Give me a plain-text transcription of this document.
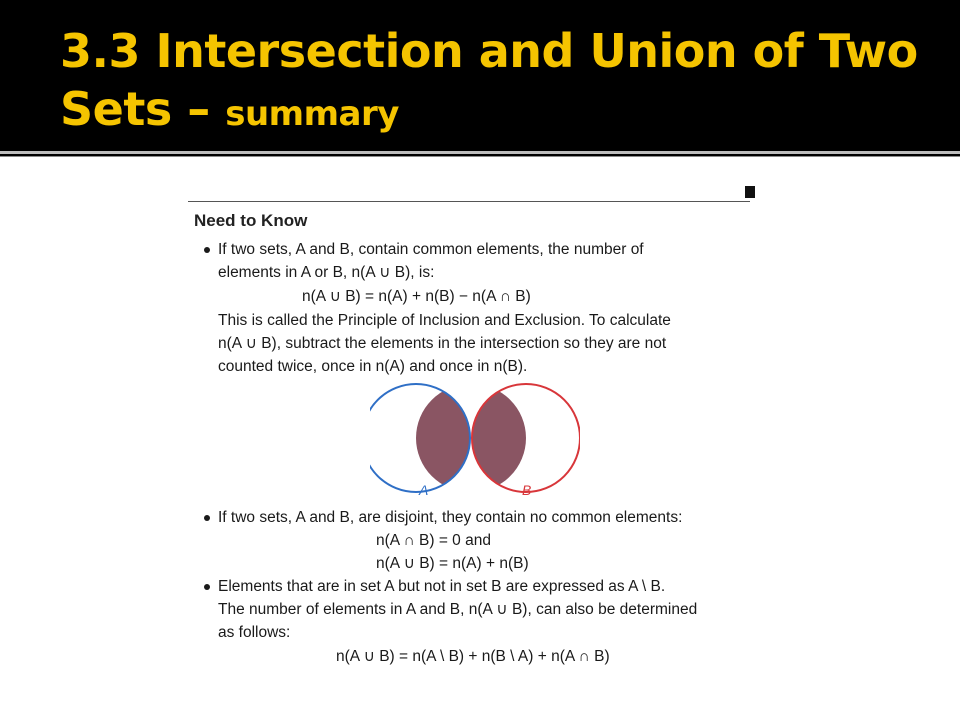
3.3 Intersection and Union of Two Sets – summary
Need to Know
If two sets, A and B, contain common elements, the number of
elements in A or B, n(A ∪ B), is:
n(A ∪ B) = n(A) + n(B) − n(A ∩ B)
This is called the Principle of Inclusion and Exclusion. To calculate
n(A ∪ B), subtract the elements in the intersection so they are not
counted twice, once in n(A) and once in n(B).
A	B
If two sets, A and B, are disjoint, they contain no common elements:
n(A ∩ B) = 0 and
n(A ∪ B) = n(A) + n(B)
Elements that are in set A but not in set B are expressed as A \ B.
The number of elements in A and B, n(A ∪ B), can also be determined
as follows:
n(A ∪ B) = n(A \ B) + n(B \ A) + n(A ∩ B)
